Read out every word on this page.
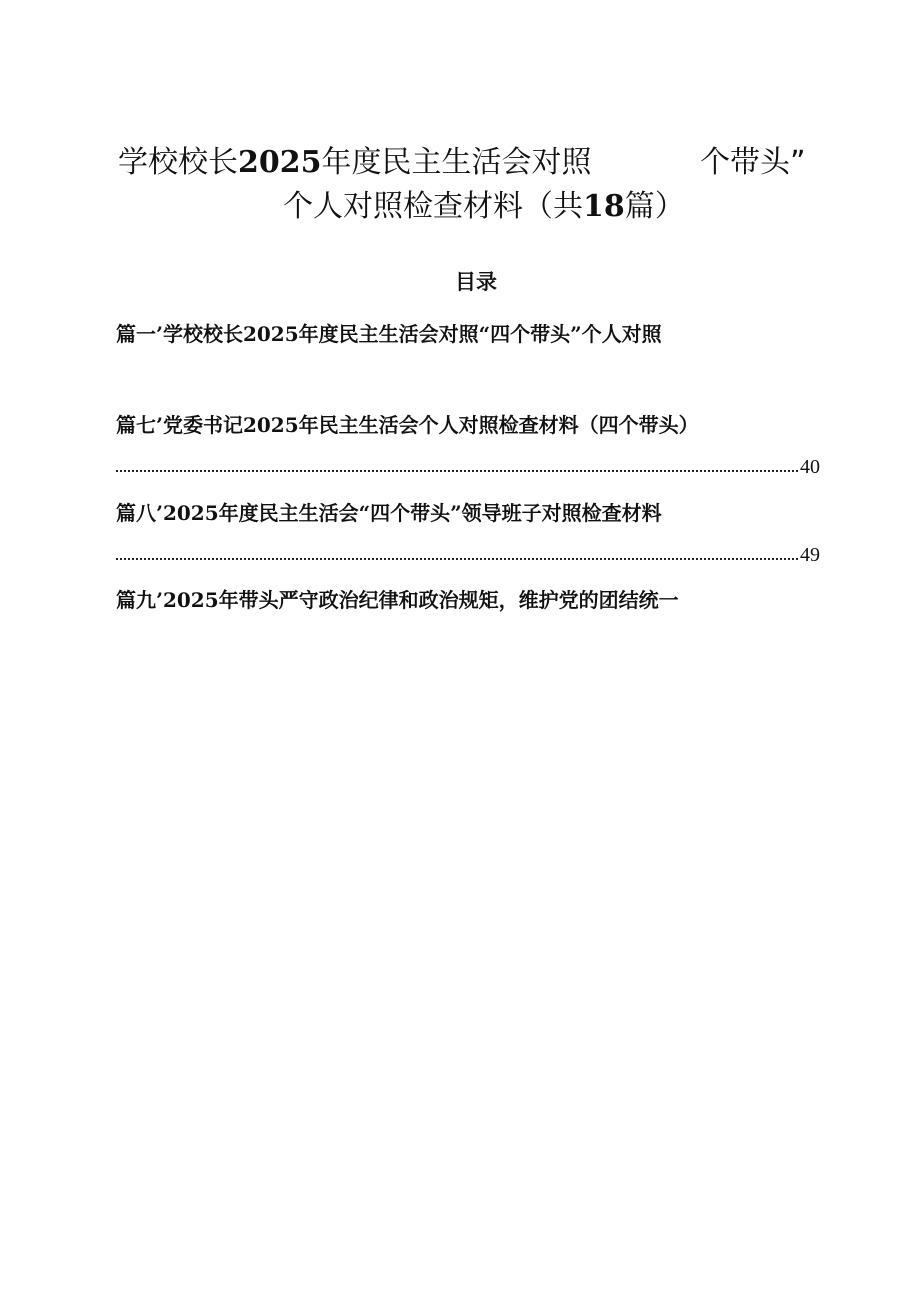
学校校长2025年度民主生活会对照	个带头”
个人对照检查材料（共18篇）
目录
篇一’学校校长2025年度民主生活会对照“四个带头”个人对照
篇七’党委书记2025年民主生活会个人对照检查材料（四个带头）
40
篇八’2025年度民主生活会“四个带头”领导班子对照检查材料
49
篇九’2025年带头严守政治纪律和政治规矩，维护党的团结统一
